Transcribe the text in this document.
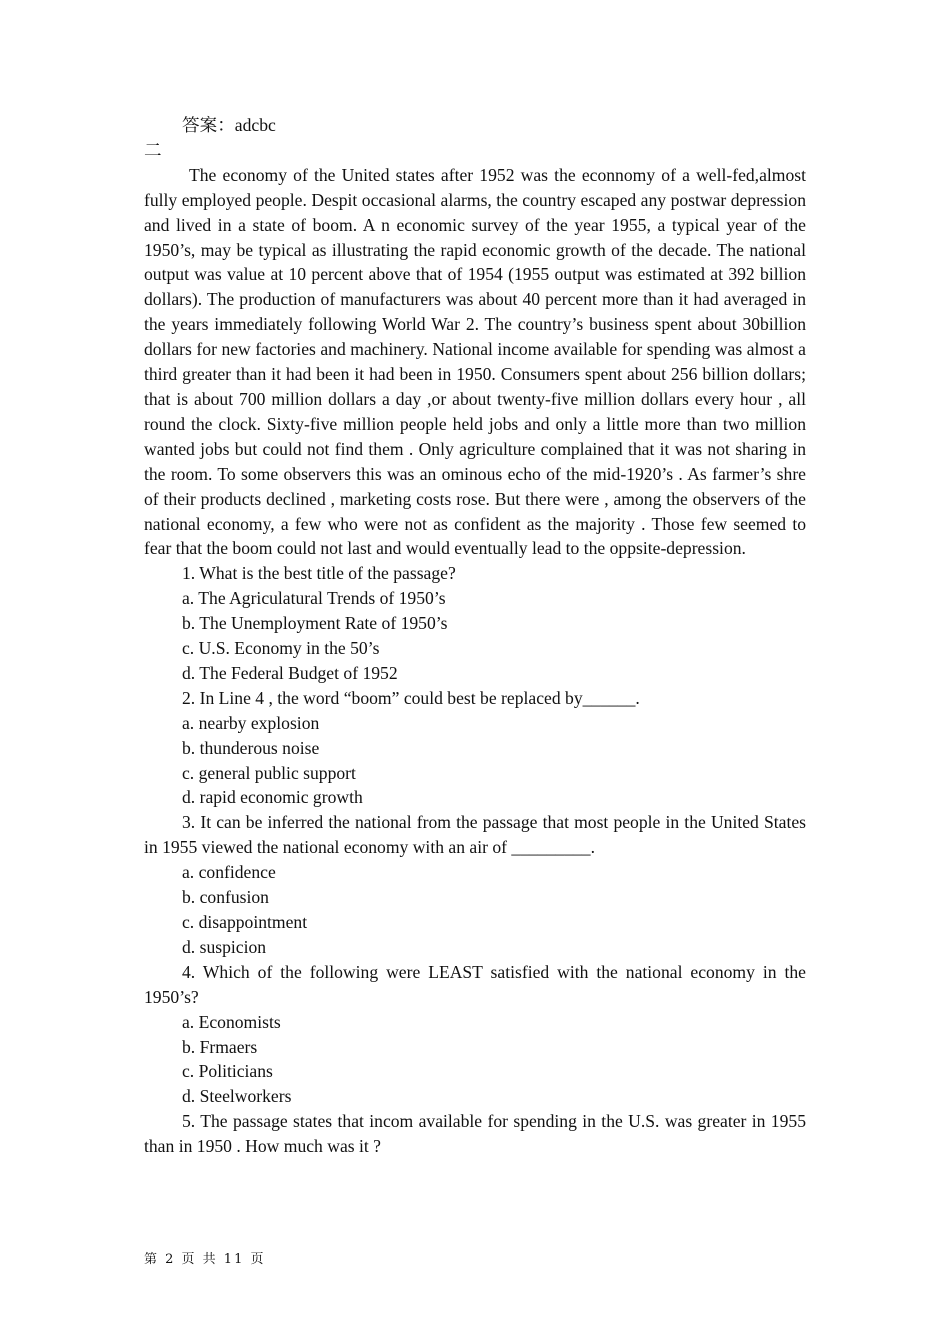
答案：adcbc
二
The economy of the United states after 1952 was the econnomy of a well-fed,almost fully employed people. Despit occasional alarms, the country escaped any postwar depression and lived in a state of boom. A n economic survey of the year 1955, a typical year of the 1950’s, may be typical as illustrating the rapid economic growth of the decade. The national output was value at 10 percent above that of 1954 (1955 output was estimated at 392 billion dollars). The production of manufacturers was about 40 percent more than it had averaged in the years immediately following World War 2. The country’s business spent about 30billion dollars for new factories and machinery. National income available for spending was almost a third greater than it had been it had been in 1950. Consumers spent about 256 billion dollars; that is about 700 million dollars a day ,or about twenty-five million dollars every hour , all round the clock. Sixty-five million people held jobs and only a little more than two million wanted jobs but could not find them . Only agriculture complained that it was not sharing in the room. To some observers this was an ominous echo of the mid-1920’s . As farmer’s shre of their products declined , marketing costs rose. But there were , among the observers of the national economy, a few who were not as confident as the majority . Those few seemed to fear that the boom could not last and would eventually lead to the oppsite-depression.
1. What is the best title of the passage?
a. The Agriculatural Trends of 1950’s
b. The Unemployment Rate of 1950’s
c. U.S. Economy in the 50’s
d. The Federal Budget of 1952
2. In Line 4 , the word “boom” could best be replaced by______.
a. nearby explosion
b. thunderous noise
c. general public support
d. rapid economic growth
3. It can be inferred the national from the passage that most people in the United States in 1955 viewed the national economy with an air of _________.
a. confidence
b. confusion
c. disappointment
d. suspicion
4. Which of the following were LEAST satisfied with the national economy in the 1950’s?
a. Economists
b. Frmaers
c. Politicians
d. Steelworkers
5. The passage states that incom available for spending in the U.S. was greater in 1955 than in 1950 . How much was it ?
第 2 页 共 11 页
